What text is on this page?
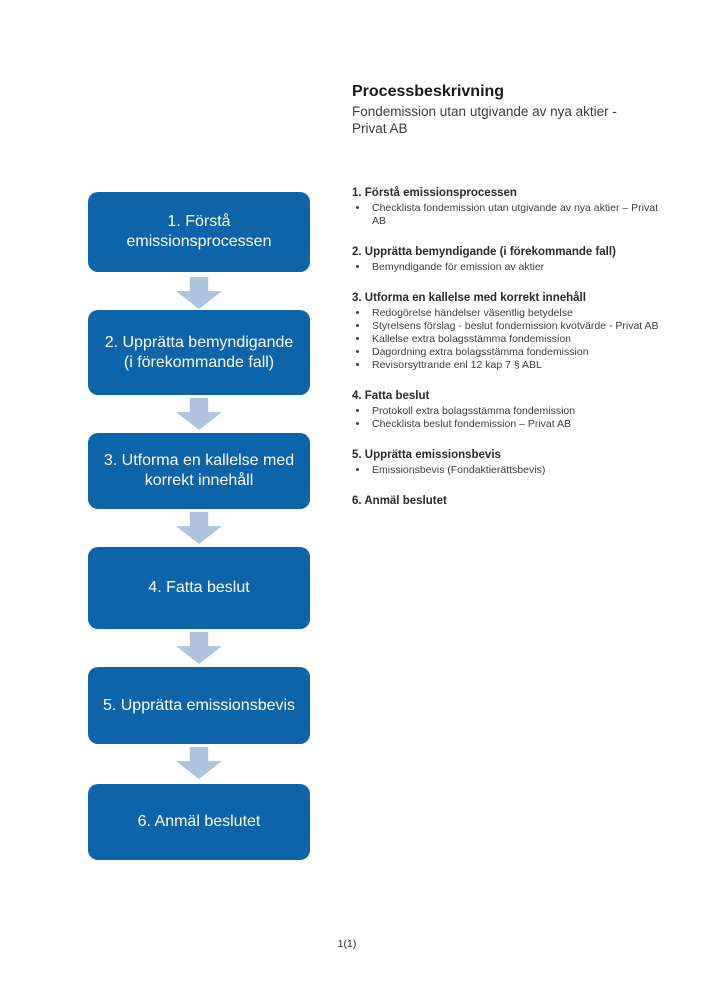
1. Förstå emissionsprocessen
2. Upprätta bemyndigande (i förekommande fall)
3. Utforma en kallelse med korrekt innehåll
4. Fatta beslut
5. Upprätta emissionsbevis
6. Anmäl beslutet
Processbeskrivning
Fondemission utan utgivande av nya aktier - Privat AB
1. Förstå emissionsprocessen
• Checklista fondemission utan utgivande av nya aktier – Privat AB
2. Upprätta bemyndigande (i förekommande fall)
• Bemyndigande för emission av aktier
3. Utforma en kallelse med korrekt innehåll
• Redogörelse händelser väsentlig betydelse
• Styrelsens förslag - beslut fondemission kvotvärde - Privat AB
• Kallelse extra bolagsstämma fondemission
• Dagordning extra bolagsstämma fondemission
• Revisorsyttrande enl 12 kap 7 § ABL
4. Fatta beslut
• Protokoll extra bolagsstämma fondemission
• Checklista beslut fondemission – Privat AB
5. Upprätta emissionsbevis
• Emissionsbevis (Fondaktierättsbevis)
6. Anmäl beslutet
1(1)
